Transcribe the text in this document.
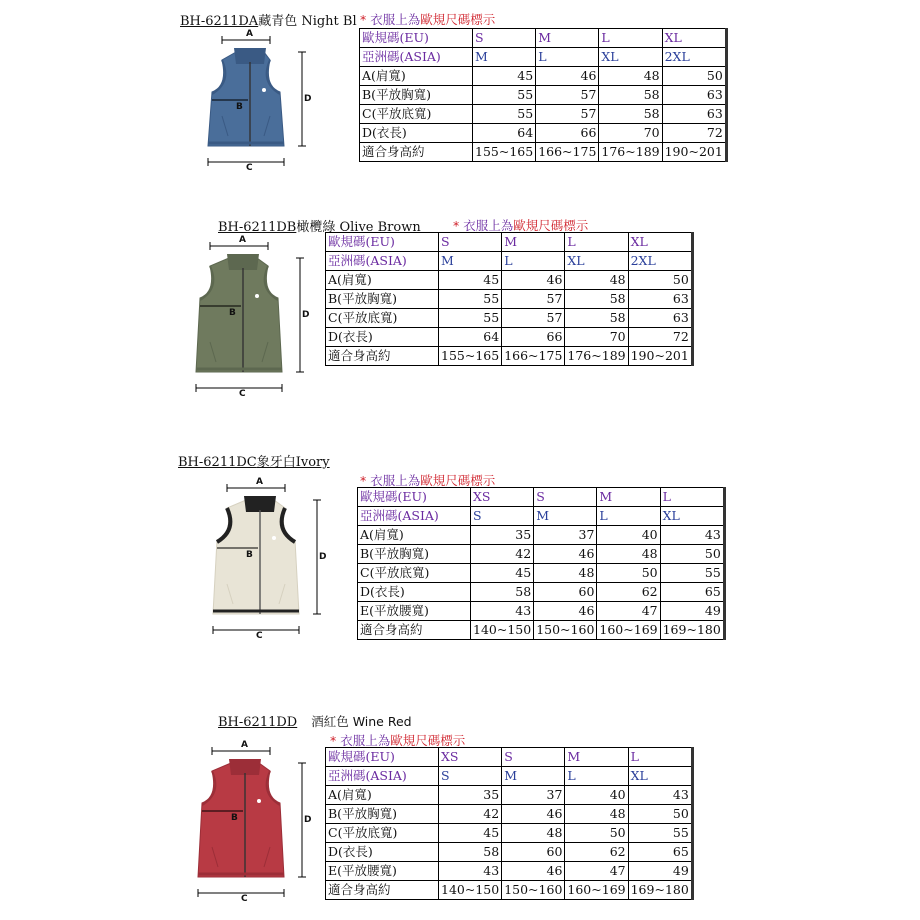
BH-6211DA藏青色 Night Bl * 衣服上為歐規尺碼標示
A
B
C
D
歐規碼(EU)	S	M	L	XL
亞洲碼(ASIA)	M	L	XL	2XL
A(肩寬)	45	46	48	50
B(平放胸寬)	55	57	58	63
C(平放底寬)	55	57	58	63
D(衣長)	64	66	70	72
適合身高約	155~165	166~175	176~189	190~201
BH-6211DB橄欖綠 Olive Brown	* 衣服上為歐規尺碼標示
A
B
C
D
歐規碼(EU)	S	M	L	XL
亞洲碼(ASIA)	M	L	XL	2XL
A(肩寬)	45	46	48	50
B(平放胸寬)	55	57	58	63
C(平放底寬)	55	57	58	63
D(衣長)	64	66	70	72
適合身高約	155~165	166~175	176~189	190~201
BH-6211DC象牙白Ivory
* 衣服上為歐規尺碼標示
A
B
C
D
歐規碼(EU)	XS	S	M	L
亞洲碼(ASIA)	S	M	L	XL
A(肩寬)	35	37	40	43
B(平放胸寬)	42	46	48	50
C(平放底寬)	45	48	50	55
D(衣長)	58	60	62	65
E(平放腰寬)	43	46	47	49
適合身高約	140~150	150~160	160~169	169~180
BH-6211DD 酒紅色 Wine Red
* 衣服上為歐規尺碼標示
A
B
C
D
歐規碼(EU)	XS	S	M	L
亞洲碼(ASIA)	S	M	L	XL
A(肩寬)	35	37	40	43
B(平放胸寬)	42	46	48	50
C(平放底寬)	45	48	50	55
D(衣長)	58	60	62	65
E(平放腰寬)	43	46	47	49
適合身高約	140~150	150~160	160~169	169~180
